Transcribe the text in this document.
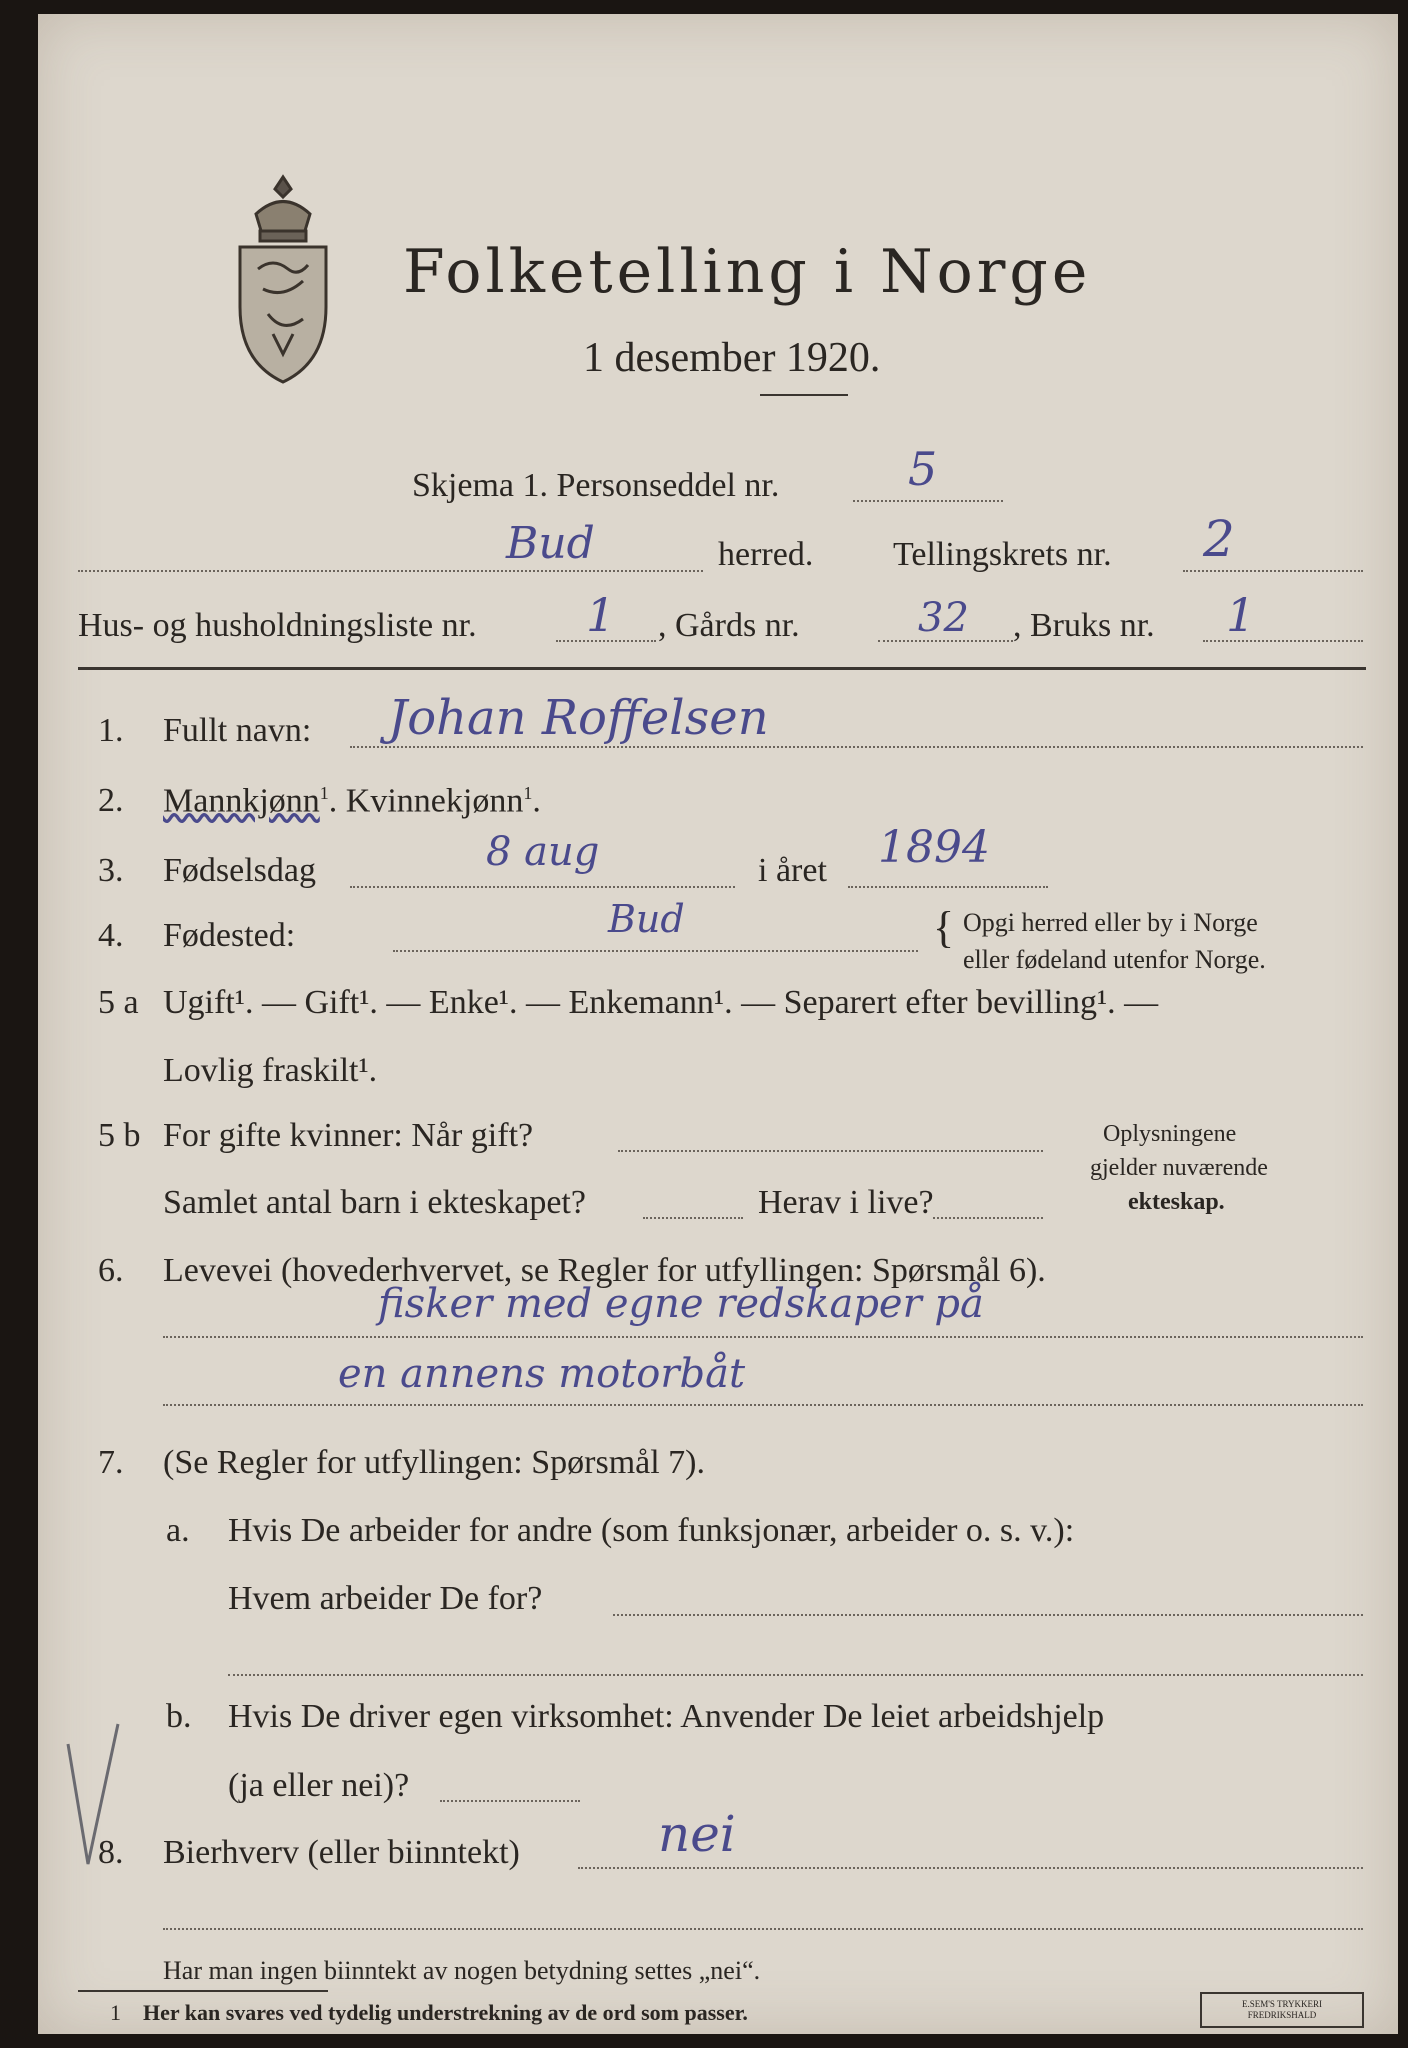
Folketelling i Norge
1 desember 1920.
Skjema 1. Personseddel nr.	5
Bud	herred. Tellingskrets nr. 2
Hus- og husholdningsliste nr. 1 , Gårds nr.	32 , Bruks nr. 1
1. Fullt navn: Johan Roffelsen
2. Mannkjønn$^1$. Kvinnekjønn$^1$.
3. Fødselsdag	8 aug	i året 1894
4. Fødested:	Bud	{ Opgi herred eller by i Norge
eller fødeland utenfor Norge.
5 a Ugift¹. — Gift¹. — Enke¹. — Enkemann¹. — Separert efter bevilling¹. —
Lovlig fraskilt¹.
5 b For gifte kvinner: Når gift?
Samlet antal barn i ekteskapet?	Herav i live?
Oplysningene
gjelder nuværende
ekteskap.
6. Levevei (hovederhvervet, se Regler for utfyllingen: Spørsmål 6).
fisker med egne redskaper på
en annens motorbåt
7. (Se Regler for utfyllingen: Spørsmål 7).
a. Hvis De arbeider for andre (som funksjonær, arbeider o. s. v.):
Hvem arbeider De for?
b. Hvis De driver egen virksomhet: Anvender De leiet arbeidshjelp
(ja eller nei)?
8. Bierhverv (eller biinntekt)	nei
Har man ingen biinntekt av nogen betydning settes „nei“.
1 Her kan svares ved tydelig understrekning av de ord som passer.	E.SEM'S TRYKKERI FREDRIKSHALD
